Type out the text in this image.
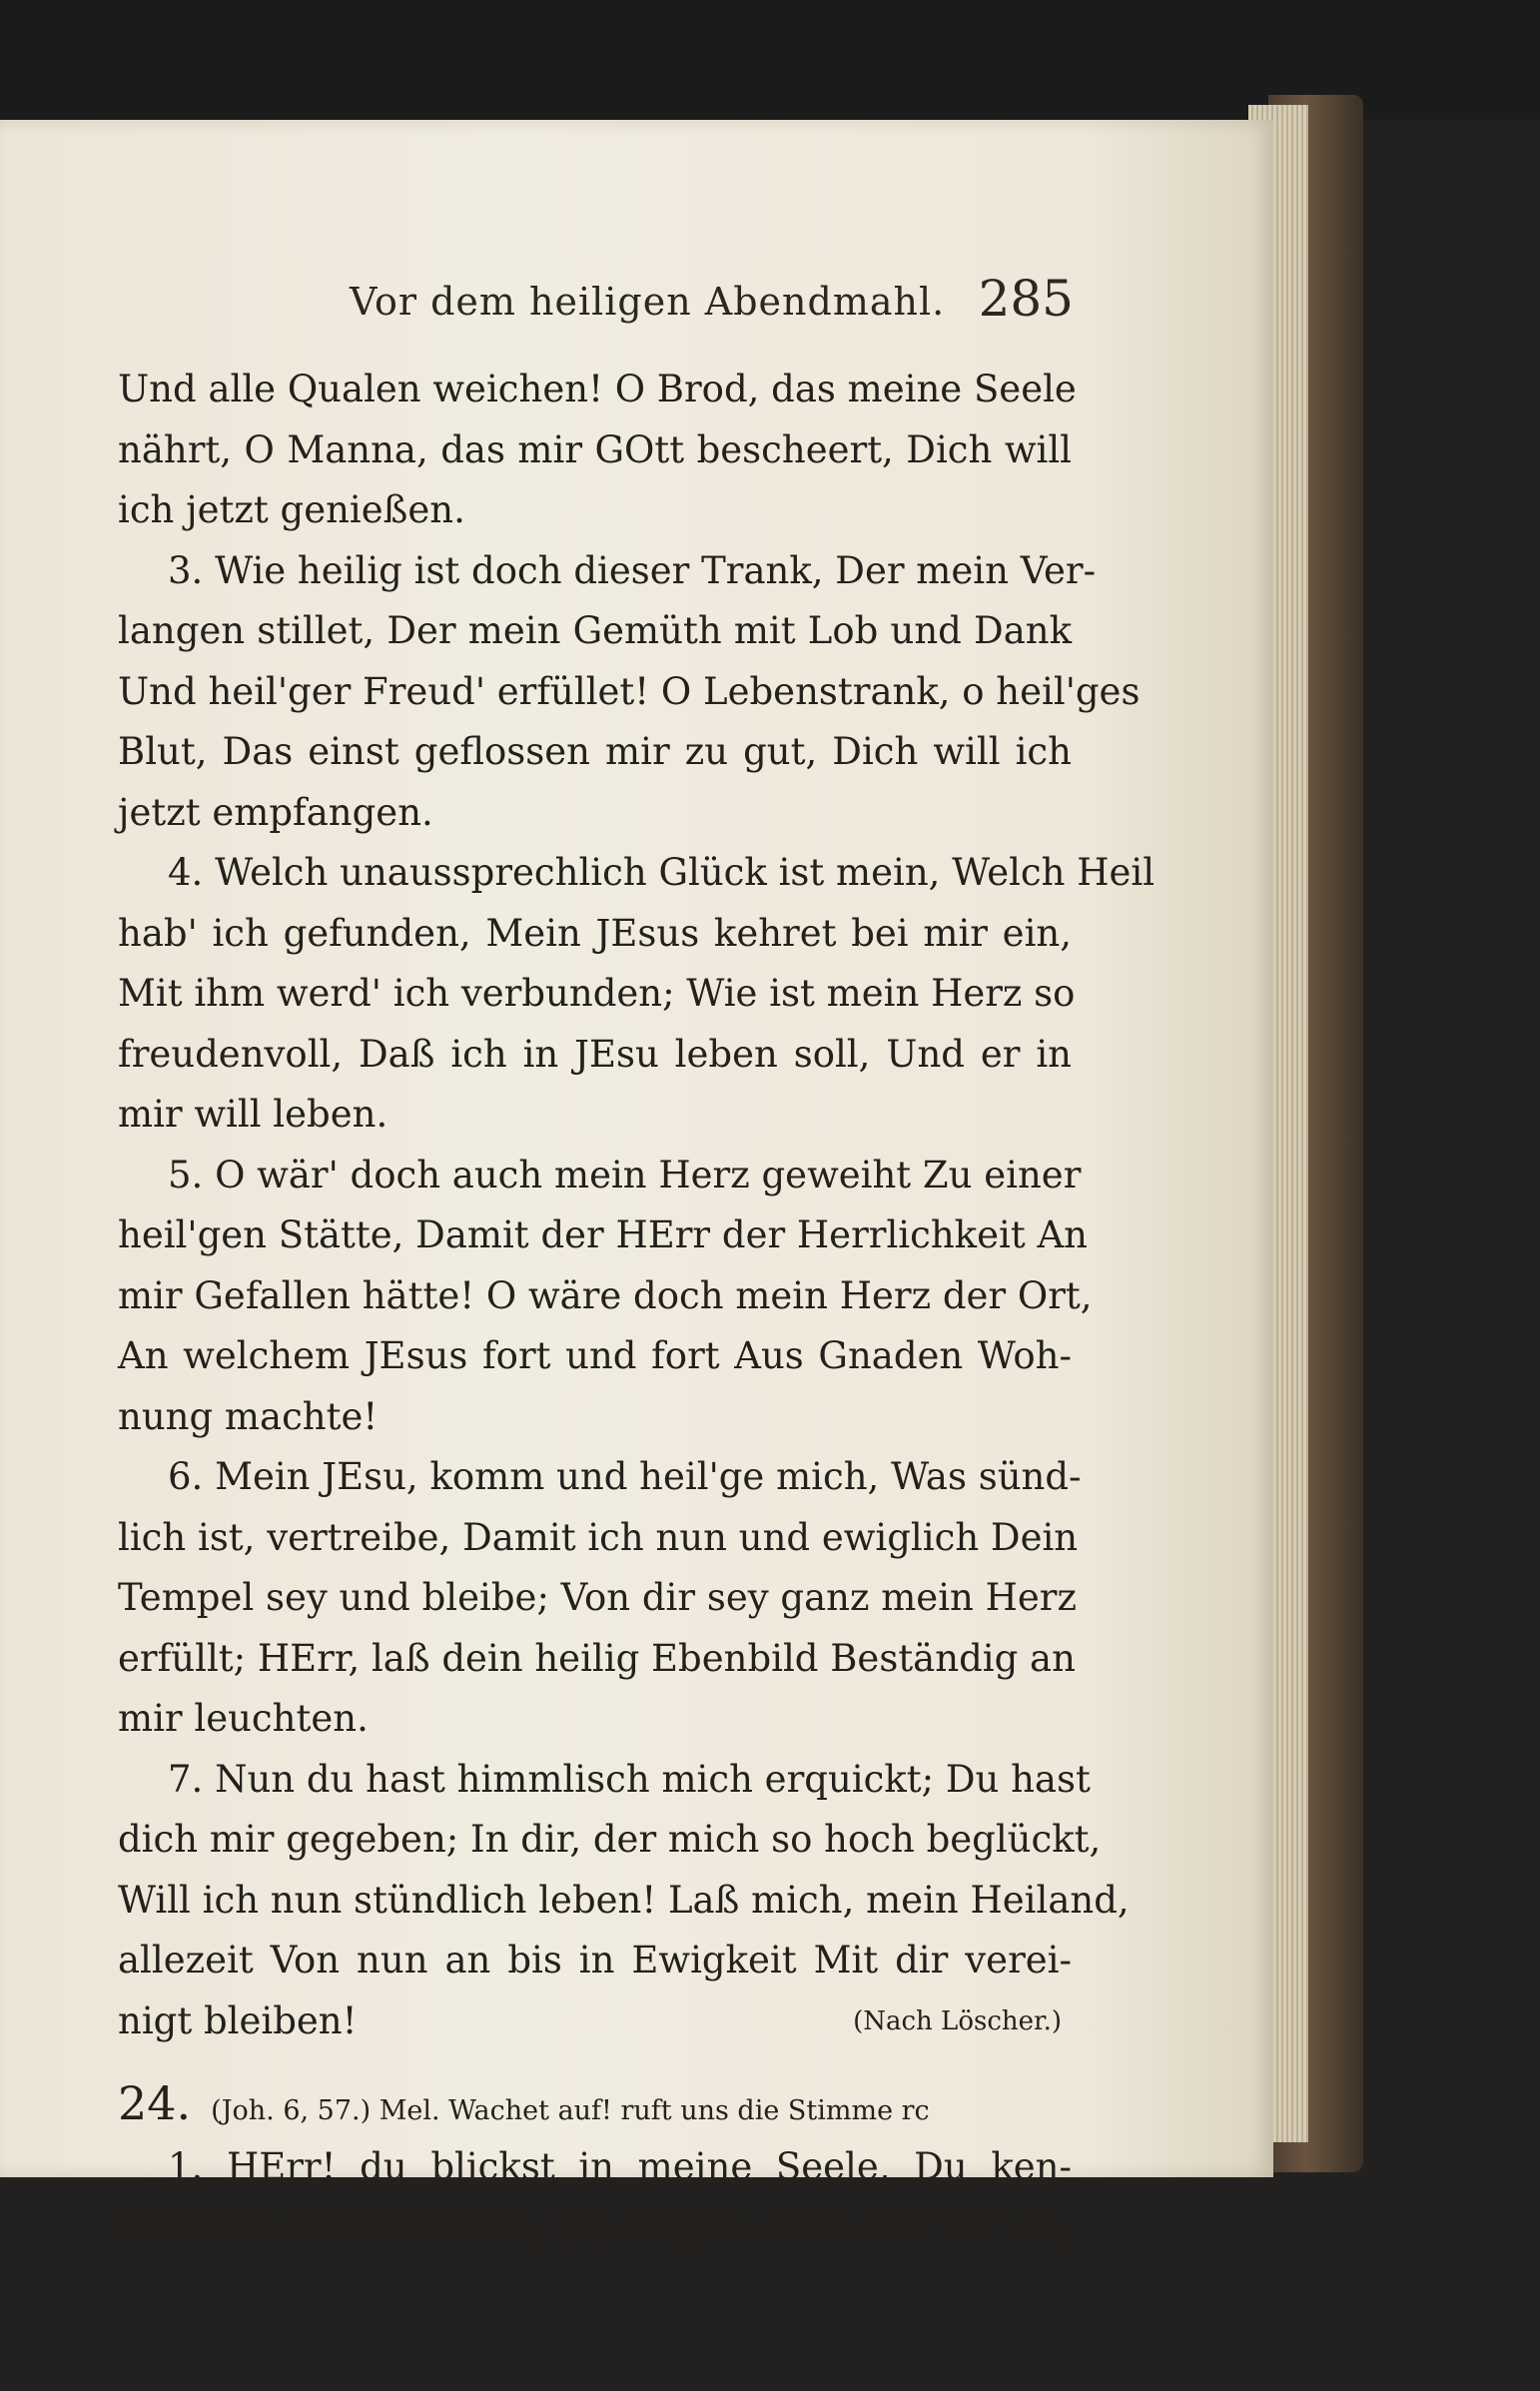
Vor dem heiligen Abendmahl. 285
Und alle Qualen weichen! O Brod, das meine Seele
nährt, O Manna, das mir GOtt bescheert, Dich will
ich jetzt genießen.
3. Wie heilig ist doch dieser Trank, Der mein Ver-
langen stillet, Der mein Gemüth mit Lob und Dank
Und heil'ger Freud' erfüllet! O Lebenstrank, o heil'ges
Blut, Das einst geflossen mir zu gut, Dich will ich
jetzt empfangen.
4. Welch unaussprechlich Glück ist mein, Welch Heil
hab' ich gefunden, Mein JEsus kehret bei mir ein,
Mit ihm werd' ich verbunden; Wie ist mein Herz so
freudenvoll, Daß ich in JEsu leben soll, Und er in
mir will leben.
5. O wär' doch auch mein Herz geweiht Zu einer
heil'gen Stätte, Damit der HErr der Herrlichkeit An
mir Gefallen hätte! O wäre doch mein Herz der Ort,
An welchem JEsus fort und fort Aus Gnaden Woh-
nung machte!
6. Mein JEsu, komm und heil'ge mich, Was sünd-
lich ist, vertreibe, Damit ich nun und ewiglich Dein
Tempel sey und bleibe; Von dir sey ganz mein Herz
erfüllt; HErr, laß dein heilig Ebenbild Beständig an
mir leuchten.
7. Nun du hast himmlisch mich erquickt; Du hast
dich mir gegeben; In dir, der mich so hoch beglückt,
Will ich nun stündlich leben! Laß mich, mein Heiland,
allezeit Von nun an bis in Ewigkeit Mit dir verei-
nigt bleiben!	(Nach Löscher.)
24. (Joh. 6, 57.) Mel. Wachet auf! ruft uns die Stimme rc
1. HErr! du blickst in meine Seele, Du ken-
nest alle meine Fehle, Sie liegen offen vor dir da,
